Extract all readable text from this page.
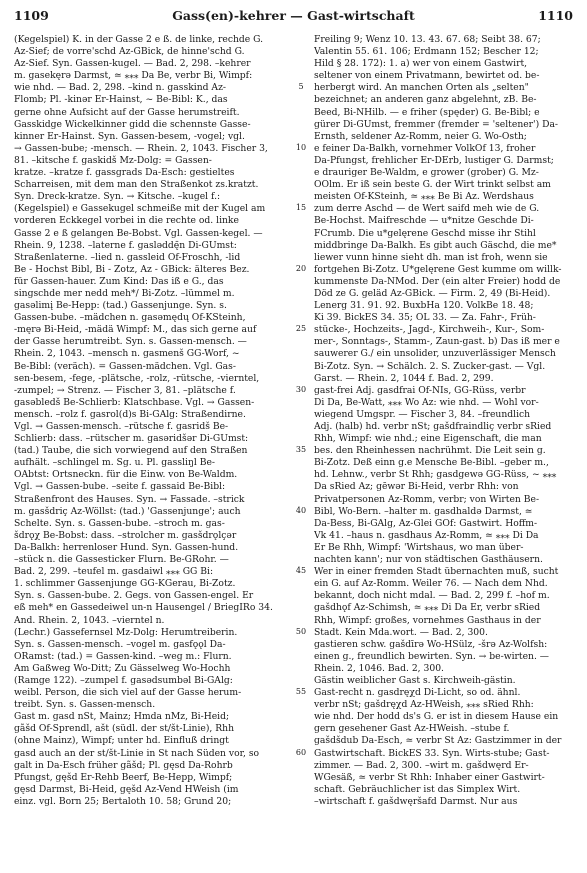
1109	Gass(en)-kehrer — Gast-wirtschaft	1110
(Kegelspiel) K. in der Gasse 2 e ß. de linke, rechde G.
Az-Sief; de vorre'schd Az-GBick, de hinne'schd G.
Az-Sief. Syn. Gassen-kugel. — Bad. 2, 298. –kehrer
m. gasekęrə Darmst, ≃ ⁎⁎⁎ Da Be, verbr Bi, Wimpf:
wie nhd. — Bad. 2, 298. –kind n. gasskind Az-
Flomb; Pl. -kinər Er-Hainst, ~ Be-Bibl: K., das
gerne ohne Aufsicht auf der Gasse herumstreift.
Gasskidge Wickelkinner gidd die schennste Gasse-
kinner Er-Hainst. Syn. Gassen-besem, -vogel; vgl.
→ Gassen-bube; -mensch. — Rhein. 2, 1043. Fischer 3,
81. –kitsche f. gaskidš Mz-Dolg: = Gassen-
kratze. –kratze f. gassgrads Da-Esch: gestieltes
Scharreisen, mit dem man den Straßenkot zs.kratzt.
Syn. Dreck-kratze. Syn. → Kitsche. –kugel f.:
(Kegelspiel) e Gassekugel schmeiße mit der Kugel am
vorderen Eckkegel vorbei in die rechte od. linke
Gasse 2 e ß gelangen Be-Bobst. Vgl. Gassen-kegel. —
Rhein. 9, 1238. –laterne f. gasləddę̄n Di-GUmst:
Straßenlaterne. –lied n. gassleid Of-Froschh, -lid
Be - Hochst Bibl, Bi - Zotz, Az - GBick: älteres Bez.
für Gassen-hauer. Zum Kind: Das iß e G., das
singschde mer nedd meh*/ Bi-Zotz. –lümmel m.
gasəlimį Be-Hepp: (tad.) Gassenjunge. Syn. s.
Gassen-bube. –mädchen n. gasəmędų Of-KSteinh,
-męrə Bi-Heid, -mädä Wimpf: M., das sich gerne auf
der Gasse herumtreibt. Syn. s. Gassen-mensch. —
Rhein. 2, 1043. –mensch n. gasmenš GG-Worf, ~
Be-Bibl: (veräch). = Gassen-mädchen. Vgl. Gas-
sen-besem, -fege, -plätsche, -rolz, -rütsche, -vierntel,
-zumpel; → Strenz. — Fischer 3, 81. –plätsche f.
gasəbledš Be-Schlierb: Klatschbase. Vgl. → Gassen-
mensch. –rolz f. gasrol(d)s Bi-GAlg: Straßendirne.
Vgl. → Gassen-mensch. –rütsche f. gasridš Be-
Schlierb: dass. –rütscher m. gasəridšər Di-GUmst:
(tad.) Taube, die sich vorwiegend auf den Straßen
aufhält. –schlingel m. Sg. u. Pl. gassliŋl Be-
OAbtst: Ortsneckn. für die Einw. von Be-Waldm.
Vgl. → Gassen-bube. –seite f. gassaid Be-Bibl:
Straßenfront des Hauses. Syn. → Fassade. –strick
m. gasšdriç Az-Wöllst: (tad.) 'Gassenjunge'; auch
Schelte. Syn. s. Gassen-bube. –stroch m. gas-
šdrǫχ Be-Bobst: dass. –strolcher m. gasšdrǫlçər
Da-Balkh: herrenloser Hund. Syn. Gassen-hund.
–stück n. die Gassesticker Flurn. Be-GRohr. —
Bad. 2, 299. –teufel m. gasdaiwl ⁎⁎⁎ GG Bi:
1. schlimmer Gassenjunge GG-KGerau, Bi-Zotz.
Syn. s. Gassen-bube. 2. Gegs. von Gassen-engel. Er
eß meh* en Gassedeiwel un-n Hausengel / BriegIRo 34.
And. Rhein. 2, 1043. –vierntel n.
(Lechr.) Gassefernsel Mz-Dolg: Herumtreiberin.
Syn. s. Gassen-mensch. –vogel m. gasfǫǫl Da-
ORamst: (tad.) = Gassen-kind. –weg m.: Flurn.
Am Gaßweg Wo-Ditt; Zu Gässelweg Wo-Hochh
(Ramge 122). –zumpel f. gasədsumbəl Bi-GAlg:
weibl. Person, die sich viel auf der Gasse herum-
treibt. Syn. s. Gassen-mensch.
Gast m. gasd nSt, Mainz; Hmda nMz, Bi-Heid;
gãšd Of-Sprendl, ašt (südl. der st/št-Linie), Rhh
(ohne Mainz), Wimpf; unter hd. Einfluß dringt
gasd auch an der st/št-Linie in St nach Süden vor, so
galt in Da-Esch früher gãšd; Pl. gęsd Da-Rohrb
Pfungst, gęšd Er-Rehb Beerf, Be-Hepp, Wimpf;
gęsd Darmst, Bi-Heid, gęšd Az-Vend HWeish (im
einz. vgl. Born 25; Bertaloth 10. 58; Grund 20;
5
10
15
20
25
30
35
40
45
50
55
60
Freiling 9; Wenz 10. 13. 43. 67. 68; Seibt 38. 67;
Valentin 55. 61. 106; Erdmann 152; Bescher 12;
Hild § 28. 172): 1. a) wer von einem Gastwirt,
seltener von einem Privatmann, bewirtet od. be-
herbergt wird. An manchen Orten als „selten"
bezeichnet; an anderen ganz abgelehnt, zB. Be-
Beed, Bi-NHilb. — e friher (spęder) G. Be-Bibl; e
gürer Di-GUmst, fremmer (fremder = 'seltener') Da-
Ernsth, seldener Az-Romm, neier G. Wo-Osth;
e feiner Da-Balkh, vornehmer VolkOf 13, froher
Da-Pfungst, frehlicher Er-DErb, lustiger G. Darmst;
e drauriger Be-Waldm, e grower (grober) G. Mz-
OOlm. Er iß sein beste G. der Wirt trinkt selbst am
meisten Of-KSteinh, ≃ ⁎⁎⁎ Be Bi Az. Werdshaus
zum derre Aschd — de Wert saifd meh wie de G.
Be-Hochst. Maifreschde — u*nitze Geschde Di-
FCrumb. Die u*gelęrene Geschd misse ihr Stihl
middbringe Da-Balkh. Es gibt auch Gäschd, die me*
liewer vunn hinne sieht dh. man ist froh, wenn sie
fortgehen Bi-Zotz. U*gelęrene Gest kumme om willk-
kummenste Da-NMod. Der (ein alter Freier) hodd de
Död ze G. geläd Az-GBick. — Firm. 2, 49 (Bi-Heid).
Lenerg 31. 91. 92. BuxbHa 120. VolkBe 18. 48;
Ki 39. BickES 34. 35; OL 33. — Za. Fahr-, Früh-
stücke-, Hochzeits-, Jagd-, Kirchweih-, Kur-, Som-
mer-, Sonntags-, Stamm-, Zaun-gast. b) Das iß mer e
sauwerer G./ ein unsolider, unzuverlässiger Mensch
Bi-Zotz. Syn. → Schälch. 2. S. Zucker-gast. — Vgl.
Garst. — Rhein. 2, 1044 f. Bad. 2, 299.
gast-frei Adj. gasdfrai Of-NIs, GG-Rüss, verbr
Di Da, Be-Watt, ⁎⁎⁎ Wo Az: wie nhd. — Wohl vor-
wiegend Umgspr. — Fischer 3, 84. –freundlich
Adj. (halb) hd. verbr nSt; gašdfraindliç verbr sRied
Rhh, Wimpf: wie nhd.; eine Eigenschaft, die man
bes. den Rheinhessen nachrühmt. Die Leit sein g.
Bi-Zotz. Deß einn g.e Mensche Be-Bibl. –geber m.,
hd. Lehnw., verbr St Rhh; gasdgewə GG-Rüss, ~ ⁎⁎⁎
Da sRied Az; gēwər Bi-Heid, verbr Rhh: von
Privatpersonen Az-Romm, verbr; von Wirten Be-
Bibl, Wo-Bern. –halter m. gasdhaldə Darmst, ≃
Da-Bess, Bi-GAlg, Az-Glei GOf: Gastwirt. Hoffm-
Vk 41. –haus n. gasdhaus Az-Romm, ≃ ⁎⁎⁎ Di Da
Er Be Rhh, Wimpf: 'Wirtshaus, wo man über-
nachten kann'; nur von städtischen Gasthäusern.
Wer in einer fremden Stadt übernachten muß, sucht
ein G. auf Az-Romm. Weiler 76. — Nach dem Nhd.
bekannt, doch nicht mdal. — Bad. 2, 299 f. –hof m.
gašdhǫf Az-Schimsh, ≃ ⁎⁎⁎ Di Da Er, verbr sRied
Rhh, Wimpf: großes, vornehmes Gasthaus in der
Stadt. Kein Mda.wort. — Bad. 2, 300.
gastieren schw. gašdīrə Wo-HSülz, -šrə Az-Wolfsh:
einen g., freundlich bewirten. Syn. → be-wirten. —
Rhein. 2, 1046. Bad. 2, 300.
Gästin weiblicher Gast s. Kirchweih-gästin.
Gast-recht n. gasdręχd Di-Licht, so od. ähnl.
verbr nSt; gašdręχd Az-HWeish, ⁎⁎⁎ sRied Rhh:
wie nhd. Der hodd ds's G. er ist in diesem Hause ein
gern gesehener Gast Az-HWeish. –stube f.
gašdšdub Da-Esch, ≃ verbr St Az: Gastzimmer in der
Gastwirtschaft. BickES 33. Syn. Wirts-stube; Gast-
zimmer. — Bad. 2, 300. –wirt m. gašdwęrd Er-
WGesäß, ≃ verbr St Rhh: Inhaber einer Gastwirt-
schaft. Gebräuchlicher ist das Simplex Wirt.
–wirtschaft f. gašdwęršafd Darmst. Nur aus
